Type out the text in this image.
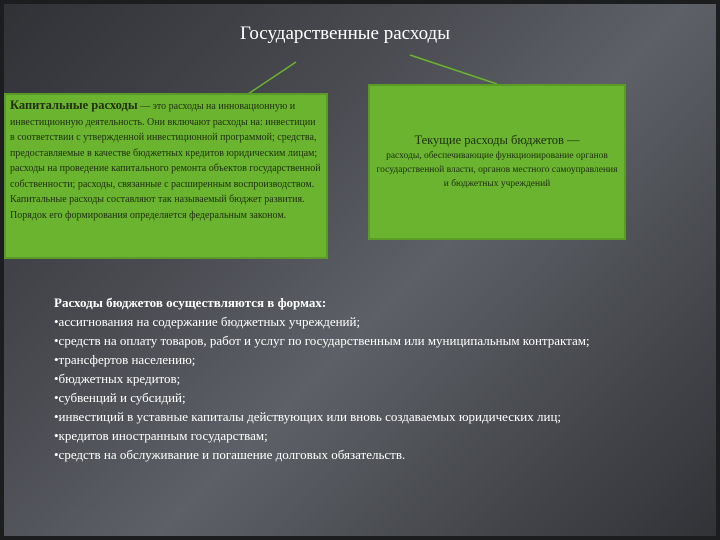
Государственные расходы
Капитальные расходы — это расходы на инновационную и инвестиционную деятельность. Они включают расходы на: инвестиции в соответствии с утвержденной инвестиционной программой; средства, предоставляемые в качестве бюджетных кредитов юридическим лицам; расходы на проведение капитального ремонта объектов государственной собственности; расходы, связанные с расширенным воспроизводством. Капитальные расходы составляют так называемый бюджет развития. Порядок его формирования определяется федеральным законом.
Текущие расходы бюджетов —
расходы, обеспечивающие функционирование органов государственной власти, органов местного самоуправления и бюджетных учреждений
Расходы бюджетов осуществляются в формах:
•ассигнования на содержание бюджетных учреждений;
•средств на оплату товаров, работ и услуг по государственным или муниципальным контрактам;
•трансфертов населению;
•бюджетных кредитов;
•субвенций и субсидий;
•инвестиций в уставные капиталы действующих или вновь создаваемых юридических лиц;
•кредитов иностранным государствам;
•средств на обслуживание и погашение долговых обязательств.
